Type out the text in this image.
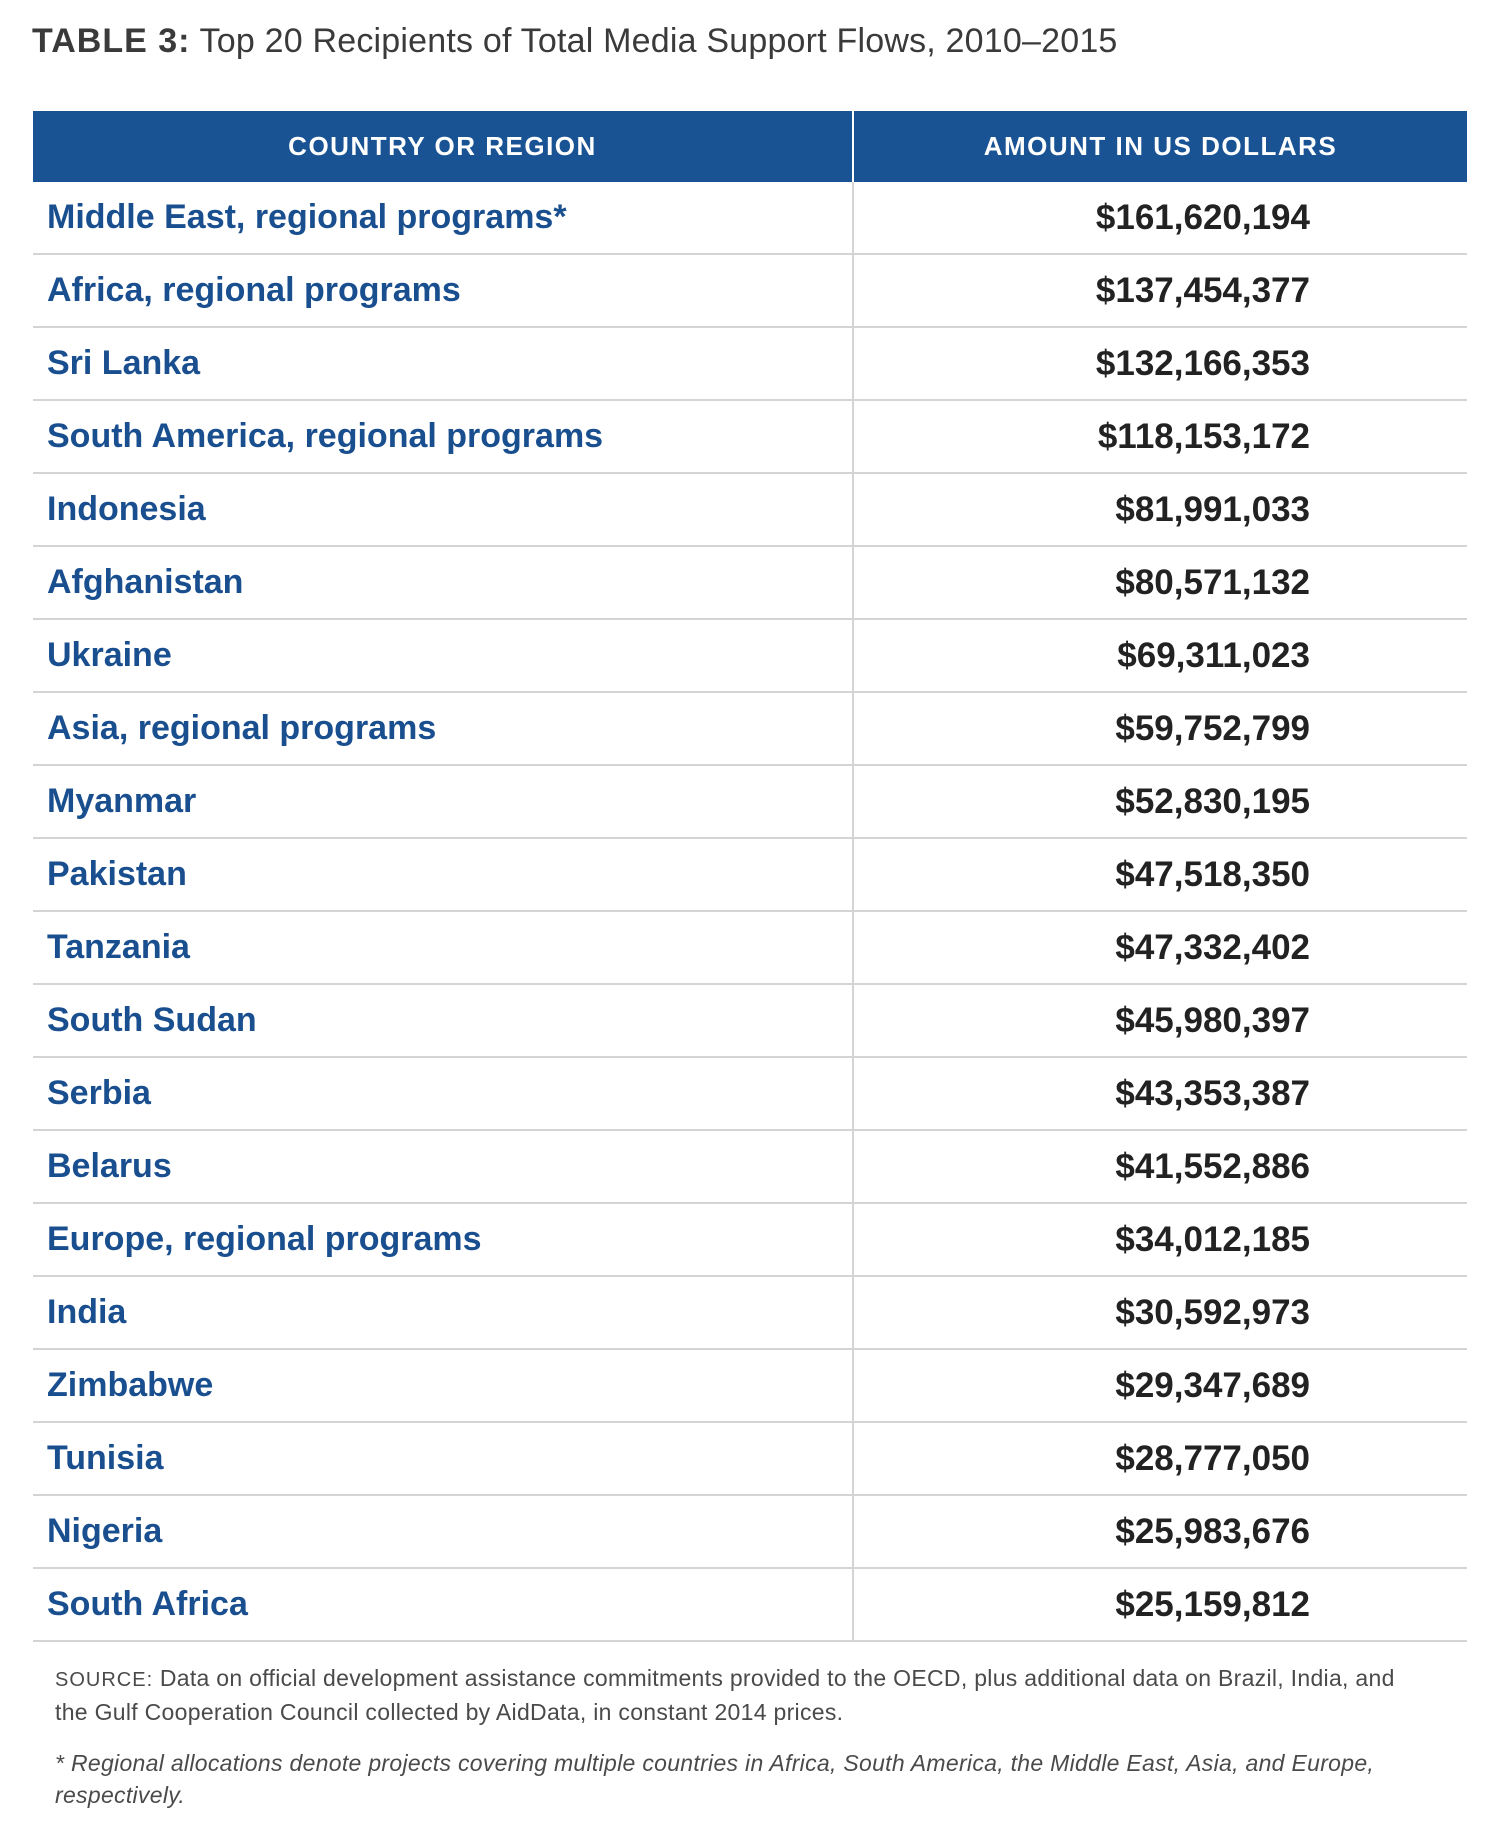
TABLE 3: Top 20 Recipients of Total Media Support Flows, 2010–2015
COUNTRY OR REGION	AMOUNT IN US DOLLARS
Middle East, regional programs*	$161,620,194
Africa, regional programs	$137,454,377
Sri Lanka	$132,166,353
South America, regional programs	$118,153,172
Indonesia	$81,991,033
Afghanistan	$80,571,132
Ukraine	$69,311,023
Asia, regional programs	$59,752,799
Myanmar	$52,830,195
Pakistan	$47,518,350
Tanzania	$47,332,402
South Sudan	$45,980,397
Serbia	$43,353,387
Belarus	$41,552,886
Europe, regional programs	$34,012,185
India	$30,592,973
Zimbabwe	$29,347,689
Tunisia	$28,777,050
Nigeria	$25,983,676
South Africa	$25,159,812
SOURCE: Data on official development assistance commitments provided to the OECD, plus additional data on Brazil, India, and the Gulf Cooperation Council collected by AidData, in constant 2014 prices.
* Regional allocations denote projects covering multiple countries in Africa, South America, the Middle East, Asia, and Europe, respectively.
